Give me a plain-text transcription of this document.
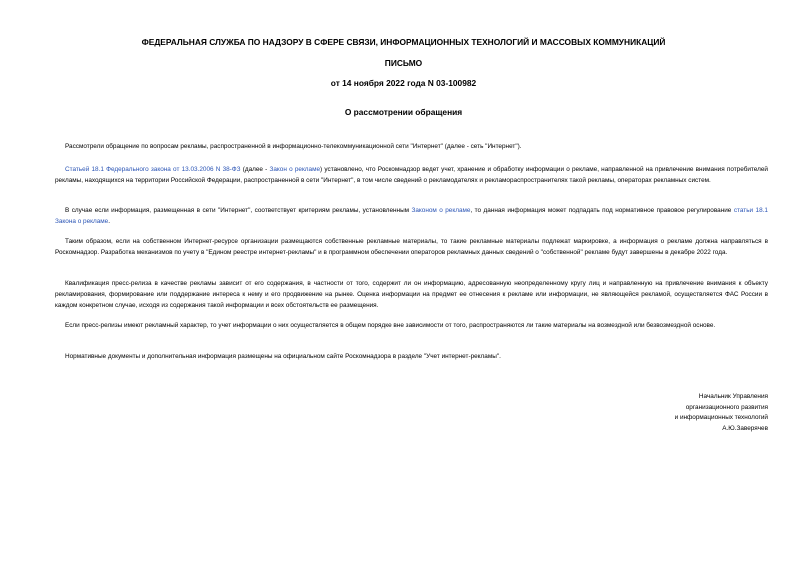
ФЕДЕРАЛЬНАЯ СЛУЖБА ПО НАДЗОРУ В СФЕРЕ СВЯЗИ, ИНФОРМАЦИОННЫХ ТЕХНОЛОГИЙ И МАССОВЫХ КОММУНИКАЦИЙ
ПИСЬМО
от 14 ноября 2022 года N 03-100982
О рассмотрении обращения

Рассмотрели обращение по вопросам рекламы, распространенной в информационно-телекоммуникационной сети "Интернет" (далее - сеть "Интернет").

Статьей 18.1 Федерального закона от 13.03.2006 N 38-ФЗ (далее - Закон о рекламе) установлено, что Роскомнадзор ведет учет, хранение и обработку информации о рекламе, направленной на привлечение внимания потребителей рекламы, находящихся на территории Российской Федерации, распространенной в сети "Интернет", в том числе сведений о рекламодателях и рекламораспространителях такой рекламы, операторах рекламных систем.

В случае если информация, размещенная в сети "Интернет", соответствует критериям рекламы, установленным Законом о рекламе, то данная информация может подпадать под нормативное правовое регулирование статьи 18.1 Закона о рекламе.

Таким образом, если на собственном Интернет-ресурсе организации размещаются собственные рекламные материалы, то такие рекламные материалы подлежат маркировке, а информация о рекламе должна направляться в Роскомнадзор. Разработка механизмов по учету в "Едином реестре интернет-рекламы" и в программном обеспечении операторов рекламных данных сведений о "собственной" рекламе будут завершены в декабре 2022 года.

Квалификация пресс-релиза в качестве рекламы зависит от его содержания, в частности от того, содержит ли он информацию, адресованную неопределенному кругу лиц и направленную на привлечение внимания к объекту рекламирования, формирование или поддержание интереса к нему и его продвижение на рынке. Оценка информации на предмет ее отнесения к рекламе или информации, не являющейся рекламой, осуществляется ФАС России в каждом конкретном случае, исходя из содержания такой информации и всех обстоятельств ее размещения.

Если пресс-релизы имеют рекламный характер, то учет информации о них осуществляется в общем порядке вне зависимости от того, распространяются ли такие материалы на возмездной или безвозмездной основе.

Нормативные документы и дополнительная информация размещены на официальном сайте Роскомнадзора в разделе "Учет интернет-рекламы".

Начальник Управления
организационного развития
и информационных технологий
А.Ю.Заверячев
